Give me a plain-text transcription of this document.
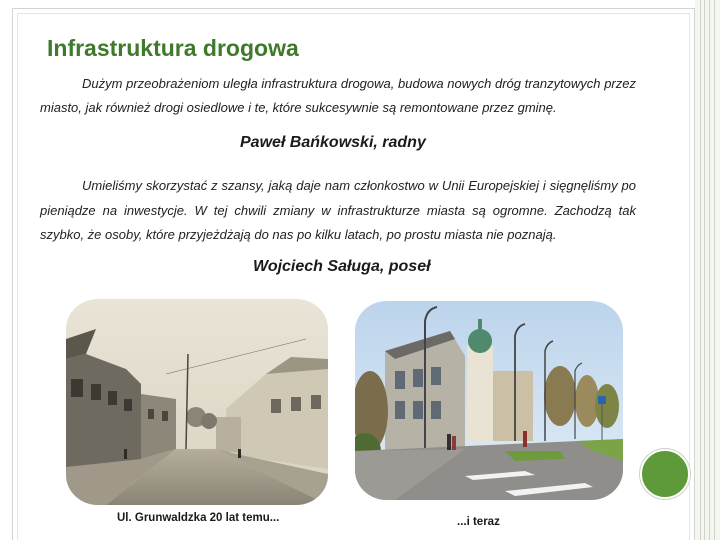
Infrastruktura drogowa

Dużym przeobrażeniom uległa infrastruktura drogowa, budowa nowych dróg tranzytowych przez miasto, jak również drogi osiedlowe i te, które sukcesywnie są remontowane przez gminę.

Paweł Bańkowski, radny

Umieliśmy skorzystać z szansy, jaką daje nam członkostwo w Unii Europejskiej i sięgnęliśmy po pieniądze na inwestycje. W tej chwili zmiany w infrastrukturze miasta są ogromne. Zachodzą tak szybko, że osoby, które przyjeżdżają do nas po kilku latach, po prostu miasta nie poznają.

Wojciech Saługa, poseł
Ul. Grunwaldzka 20 lat temu...	...i teraz
